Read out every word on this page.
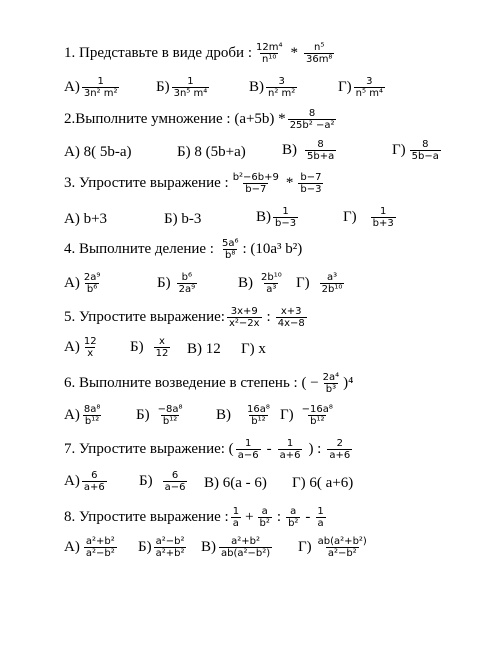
1. Представьте в виде дроби : $\frac{\text{12m⁴}}{\text{n¹⁰}} * \frac{\text{n⁵}}{\text{36m⁸}}$
$А) \frac{1}{\text{3n² m²}} Б) \frac{1}{\text{3n⁵ m⁴}}$	$В) \frac{3}{\text{n² m²}}$	$Г) \frac{3}{\text{n⁵ m⁴}}$
2.Выполните умножение : $(a+5b) * \frac{8}{\text{25b² −a²}}$
А) 8( 5b-a)	Б) 8 (5b+a) $В) \frac{8}{5b+a}$	$Г) \frac{8}{5b-a}$
3. Упростите выражение : $\frac{\text{b²−6b+9}}{b-7} * \frac{b-7}{b-3}$
А) b+3	Б) b-3	$В) \frac{1}{b-3}$	$Г) \frac{1}{b+3}$
4. Выполните деление : $\frac{\text{5a⁶}}{\text{b⁸}}$ : (10a³ b²)
$А) \frac{\text{2a⁹}}{\text{b⁶}}$	$Б) \frac{\text{b⁶}}{\text{2a⁹}}$	$В) \frac{\text{2b¹⁰}}{\text{a³}} Г) \frac{\text{a³}}{\text{2b¹⁰}}$
5. Упростите выражение: $\frac{3x+9}{\text{x²−2x}}$ : $\frac{x+3}{4x-8}$
$А) \frac{12}{x} Б) \frac{x}{12} В$) 12 Г) x
6. Выполните возведение в степень : ( − $\frac{\text{2a⁴}}{\text{b³}} )^4$
$А) \frac{\text{8a⁸}}{\text{b¹²}} Б) \frac{\text{−8a⁸}}{\text{b¹²}} В) \frac{\text{16a⁸}}{\text{b¹²}} Г) \frac{\text{−16a⁸}}{\text{b¹²}}$
7. Упростите выражение: ( $\frac{1}{a-6} - \frac{1}{a+6}$ ) : $\frac{2}{a+6}$
$А) \frac{6}{a+6} Б) \frac{6}{a-6} В$) 6(a - 6) Г) 6( a+6)
8. Упростите выражение : $\frac{1}{a} + \frac{a}{\text{b²}}$ : $\frac{a}{\text{b²}} - \frac{1}{a}$
$А) \frac{\text{a²+b²}}{\text{a²−b²}} Б) \frac{\text{a²−b²}}{\text{a²+b²}} В) \frac{\text{a²+b²}}{\text{ab(a²−b²)}} Г) \frac{\text{ab(a²+b²)}}{\text{a²−b²}}$
